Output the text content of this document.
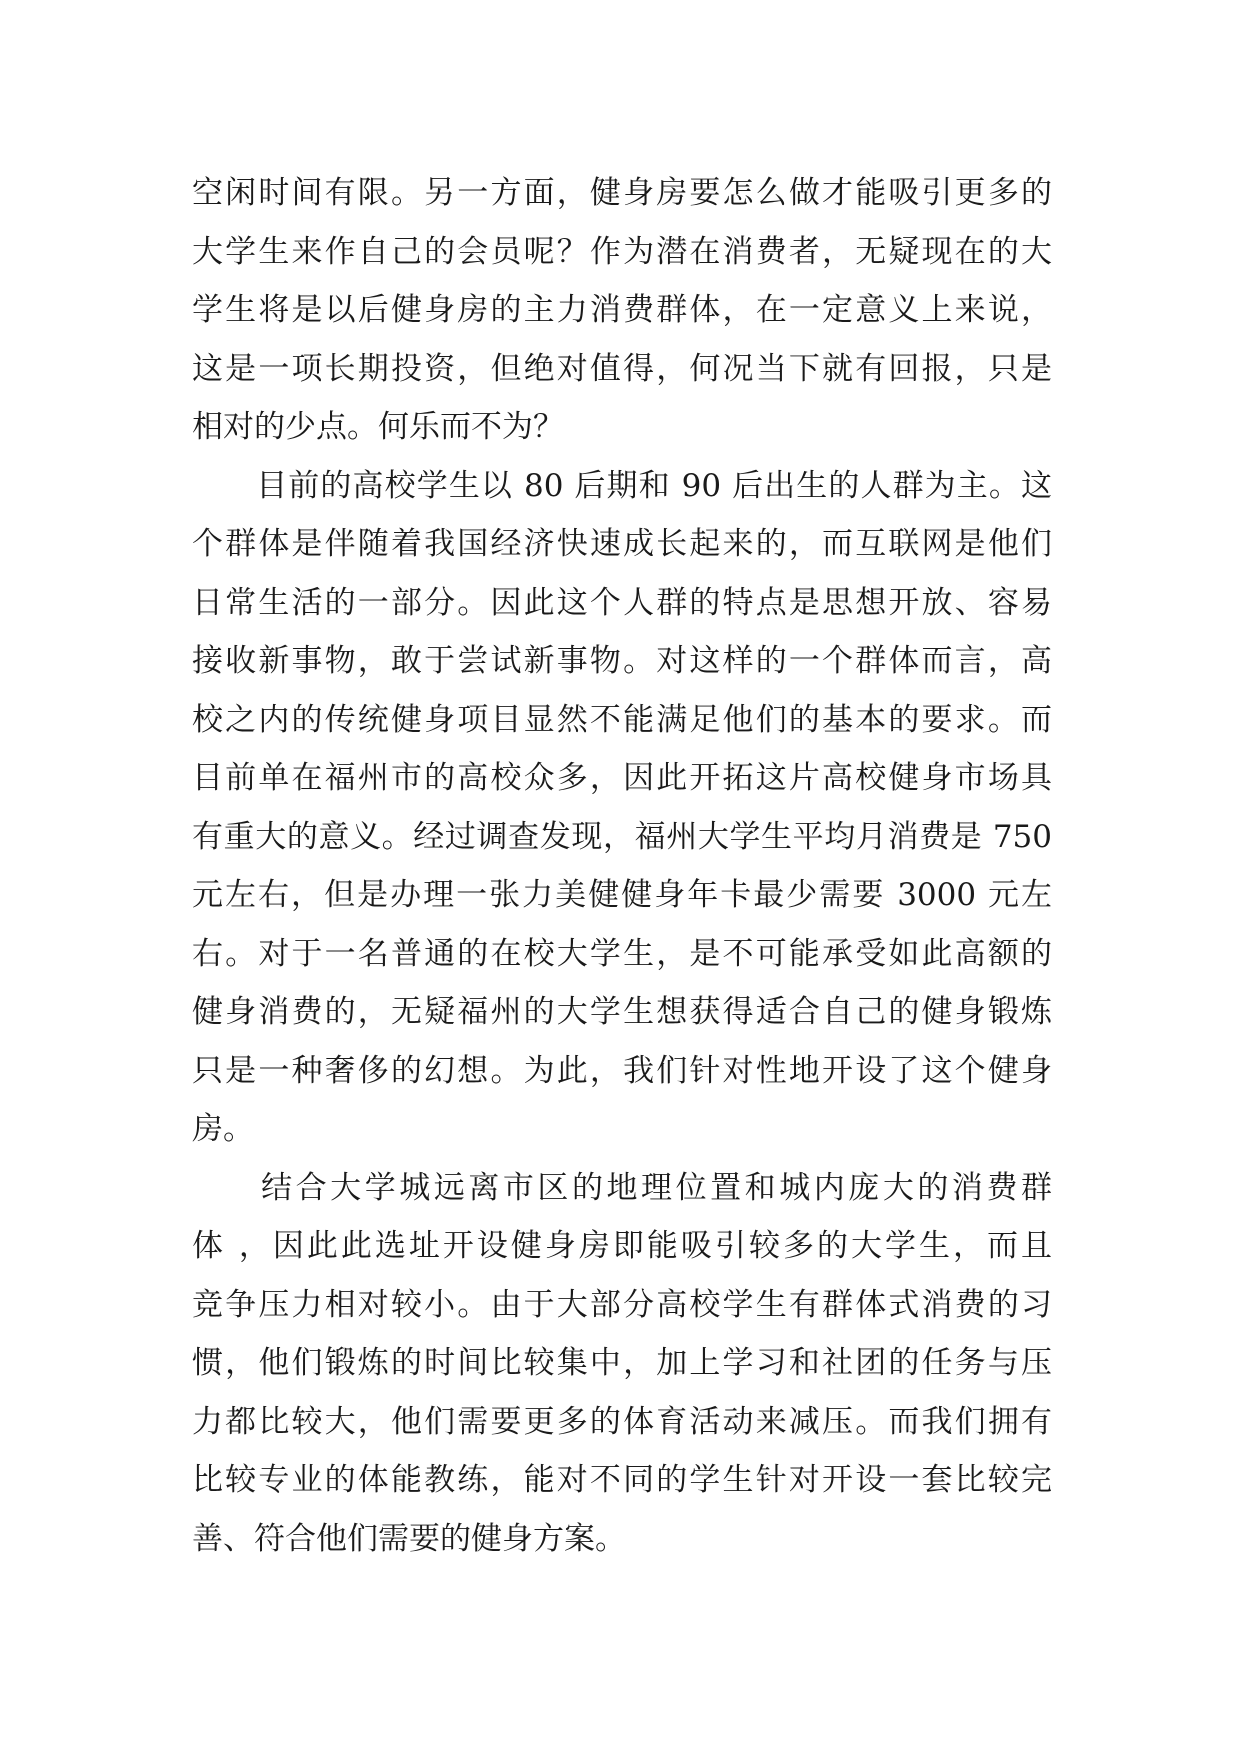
空闲时间有限。另一方面，健身房要怎么做才能吸引更多的
大学生来作自己的会员呢？作为潜在消费者，无疑现在的大
学生将是以后健身房的主力消费群体，在一定意义上来说，
这是一项长期投资，但绝对值得，何况当下就有回报，只是
相对的少点。何乐而不为？
　　目前的高校学生以 80 后期和 90 后出生的人群为主。这
个群体是伴随着我国经济快速成长起来的，而互联网是他们
日常生活的一部分。因此这个人群的特点是思想开放、容易
接收新事物，敢于尝试新事物。对这样的一个群体而言，高
校之内的传统健身项目显然不能满足他们的基本的要求。而
目前单在福州市的高校众多，因此开拓这片高校健身市场具
有重大的意义。经过调查发现，福州大学生平均月消费是 750
元左右，但是办理一张力美健健身年卡最少需要 3000 元左
右。对于一名普通的在校大学生，是不可能承受如此高额的
健身消费的，无疑福州的大学生想获得适合自己的健身锻炼
只是一种奢侈的幻想。为此，我们针对性地开设了这个健身
房。
　　结合大学城远离市区的地理位置和城内庞大的消费群
体 ，因此此选址开设健身房即能吸引较多的大学生，而且
竞争压力相对较小。由于大部分高校学生有群体式消费的习
惯，他们锻炼的时间比较集中，加上学习和社团的任务与压
力都比较大，他们需要更多的体育活动来减压。而我们拥有
比较专业的体能教练，能对不同的学生针对开设一套比较完
善、符合他们需要的健身方案。
